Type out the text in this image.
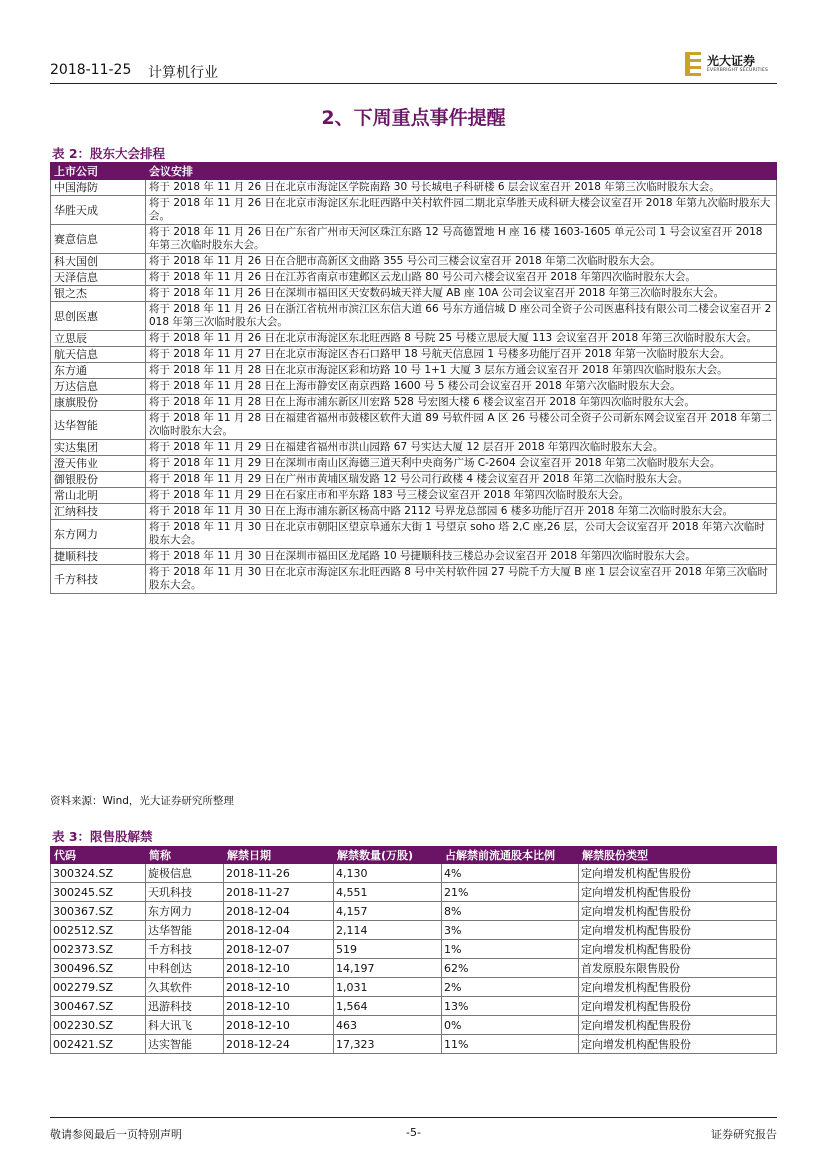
2018-11-25 计算机行业
光大证券
EVERBRIGHT SECURITIES
2、下周重点事件提醒
表 2：股东大会排程
上市公司	会议安排
中国海防	将于 2018 年 11 月 26 日在北京市海淀区学院南路 30 号长城电子科研楼 6 层会议室召开 2018 年第三次临时股东大会。
华胜天成	将于 2018 年 11 月 26 日在北京市海淀区东北旺西路中关村软件园二期北京华胜天成科研大楼会议室召开 2018 年第九次临时股东大会。
赛意信息	将于 2018 年 11 月 26 日在广东省广州市天河区珠江东路 12 号高德置地 H 座 16 楼 1603-1605 单元公司 1 号会议室召开 2018 年第三次临时股东大会。
科大国创	将于 2018 年 11 月 26 日在合肥市高新区文曲路 355 号公司三楼会议室召开 2018 年第二次临时股东大会。
天泽信息	将于 2018 年 11 月 26 日在江苏省南京市建邺区云龙山路 80 号公司六楼会议室召开 2018 年第四次临时股东大会。
银之杰	将于 2018 年 11 月 26 日在深圳市福田区天安数码城天祥大厦 AB 座 10A 公司会议室召开 2018 年第三次临时股东大会。
思创医惠	将于 2018 年 11 月 26 日在浙江省杭州市滨江区东信大道 66 号东方通信城 D 座公司全资子公司医惠科技有限公司二楼会议室召开 2018 年第三次临时股东大会。
立思辰	将于 2018 年 11 月 26 日在北京市海淀区东北旺西路 8 号院 25 号楼立思辰大厦 113 会议室召开 2018 年第三次临时股东大会。
航天信息	将于 2018 年 11 月 27 日在北京市海淀区杏石口路甲 18 号航天信息园 1 号楼多功能厅召开 2018 年第一次临时股东大会。
东方通	将于 2018 年 11 月 28 日在北京市海淀区彩和坊路 10 号 1+1 大厦 3 层东方通会议室召开 2018 年第四次临时股东大会。
万达信息	将于 2018 年 11 月 28 日在上海市静安区南京西路 1600 号 5 楼公司会议室召开 2018 年第六次临时股东大会。
康旗股份	将于 2018 年 11 月 28 日在上海市浦东新区川宏路 528 号宏图大楼 6 楼会议室召开 2018 年第四次临时股东大会。
达华智能	将于 2018 年 11 月 28 日在福建省福州市鼓楼区软件大道 89 号软件园 A 区 26 号楼公司全资子公司新东网会议室召开 2018 年第二次临时股东大会。
实达集团	将于 2018 年 11 月 29 日在福建省福州市洪山园路 67 号实达大厦 12 层召开 2018 年第四次临时股东大会。
澄天伟业	将于 2018 年 11 月 29 日在深圳市南山区海德三道天利中央商务广场 C-2604 会议室召开 2018 年第二次临时股东大会。
御银股份	将于 2018 年 11 月 29 日在广州市黄埔区瑞发路 12 号公司行政楼 4 楼会议室召开 2018 年第二次临时股东大会。
常山北明	将于 2018 年 11 月 29 日在石家庄市和平东路 183 号三楼会议室召开 2018 年第四次临时股东大会。
汇纳科技	将于 2018 年 11 月 30 日在上海市浦东新区杨高中路 2112 号界龙总部园 6 楼多功能厅召开 2018 年第二次临时股东大会。
东方网力	将于 2018 年 11 月 30 日在北京市朝阳区望京阜通东大街 1 号望京 soho 塔 2,C 座,26 层，公司大会议室召开 2018 年第六次临时股东大会。
捷顺科技	将于 2018 年 11 月 30 日在深圳市福田区龙尾路 10 号捷顺科技三楼总办会议室召开 2018 年第四次临时股东大会。
千方科技	将于 2018 年 11 月 30 日在北京市海淀区东北旺西路 8 号中关村软件园 27 号院千方大厦 B 座 1 层会议室召开 2018 年第三次临时股东大会。
资料来源：Wind，光大证券研究所整理
表 3：限售股解禁
代码	简称	解禁日期	解禁数量(万股)	占解禁前流通股本比例	解禁股份类型
300324.SZ	旋极信息	2018-11-26	4,130	4%	定向增发机构配售股份
300245.SZ	天玑科技	2018-11-27	4,551	21%	定向增发机构配售股份
300367.SZ	东方网力	2018-12-04	4,157	8%	定向增发机构配售股份
002512.SZ	达华智能	2018-12-04	2,114	3%	定向增发机构配售股份
002373.SZ	千方科技	2018-12-07	519	1%	定向增发机构配售股份
300496.SZ	中科创达	2018-12-10	14,197	62%	首发原股东限售股份
002279.SZ	久其软件	2018-12-10	1,031	2%	定向增发机构配售股份
300467.SZ	迅游科技	2018-12-10	1,564	13%	定向增发机构配售股份
002230.SZ	科大讯飞	2018-12-10	463	0%	定向增发机构配售股份
002421.SZ	达实智能	2018-12-24	17,323	11%	定向增发机构配售股份
-5-
敬请参阅最后一页特别声明	证券研究报告
